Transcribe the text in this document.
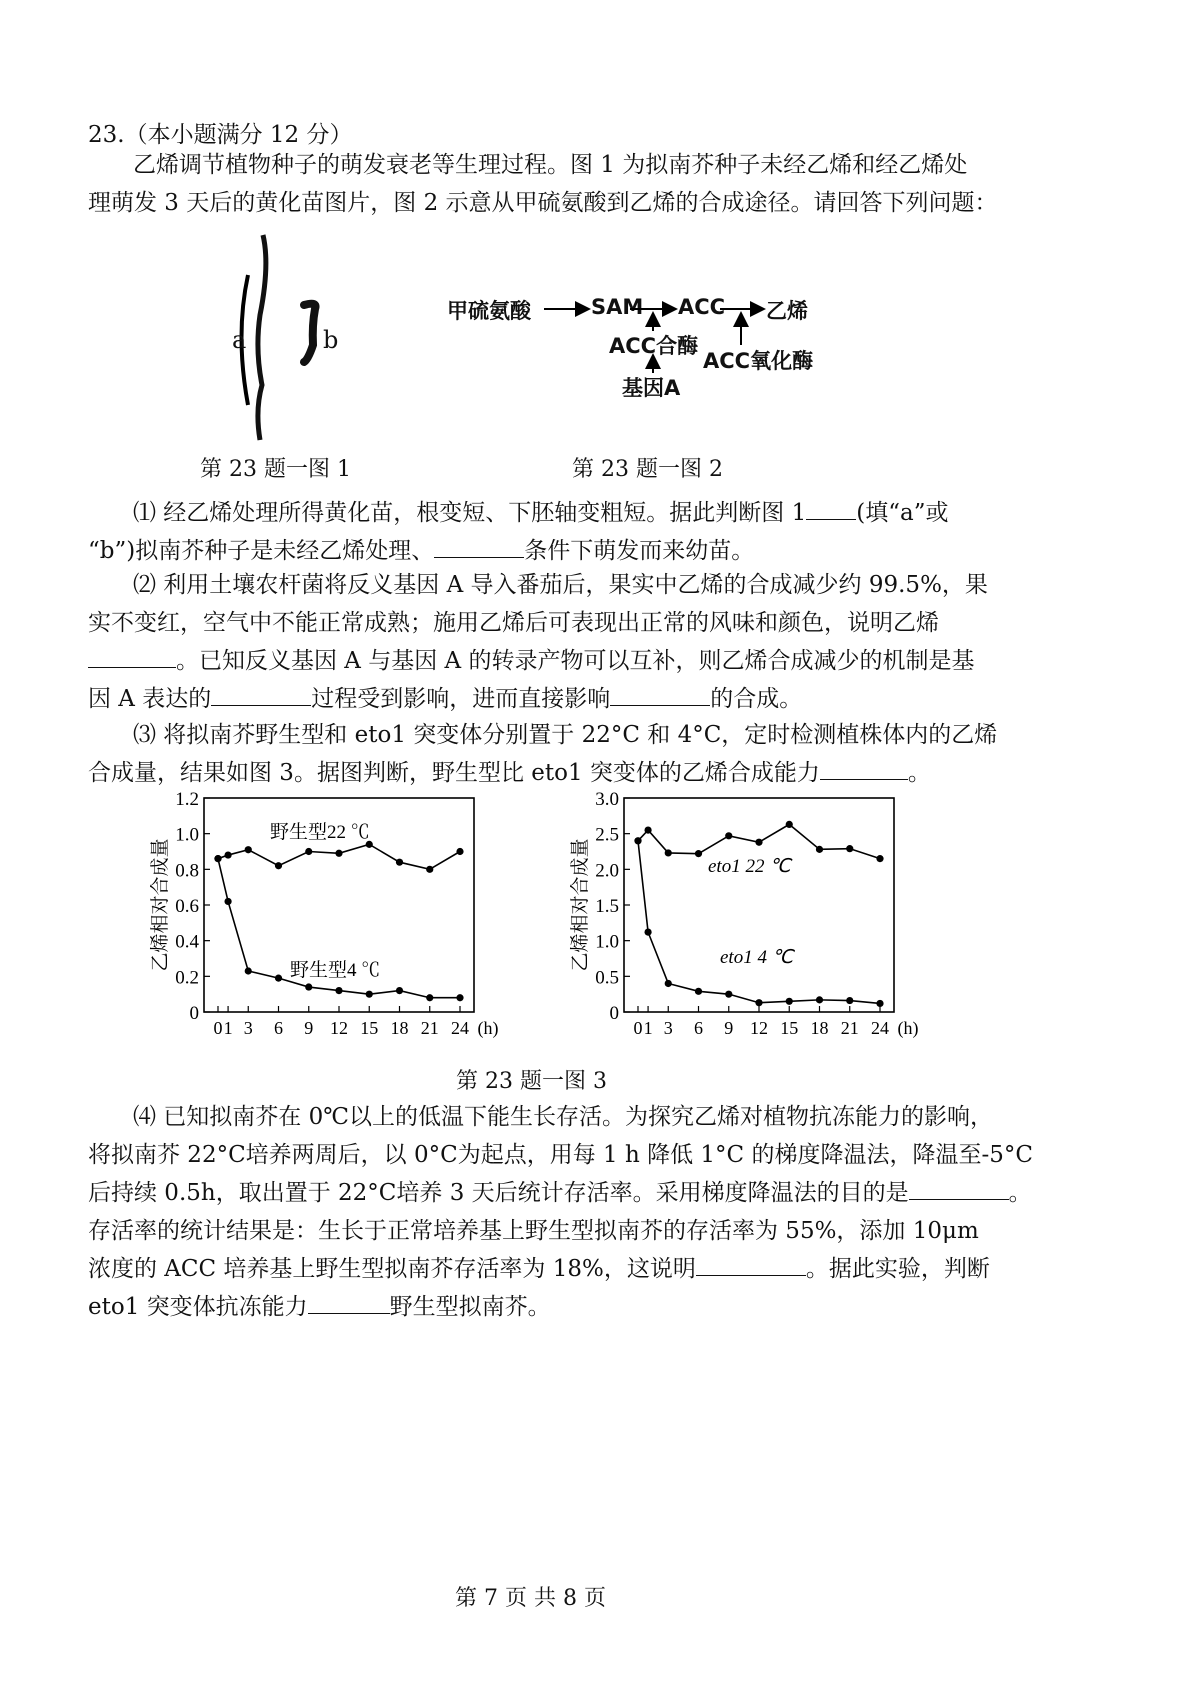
23.（本小题满分 12 分）
乙烯调节植物种子的萌发衰老等生理过程。图 1 为拟南芥种子未经乙烯和经乙烯处
理萌发 3 天后的黄化苗图片，图 2 示意从甲硫氨酸到乙烯的合成途径。请回答下列问题：
a	b
第 23 题一图 1
甲硫氨酸	SAM ACC 乙烯
ACC合酶
ACC氧化酶
基因A
第 23 题一图 2
⑴ 经乙烯处理所得黄化苗，根变短、下胚轴变粗短。据此判断图 1 (填“a”或
“b”)拟南芥种子是未经乙烯处理、	条件下萌发而来幼苗。
⑵ 利用土壤农杆菌将反义基因 A 导入番茄后，果实中乙烯的合成减少约 99.5%，果
实不变红，空气中不能正常成熟；施用乙烯后可表现出正常的风味和颜色，说明乙烯
。已知反义基因 A 与基因 A 的转录产物可以互补，则乙烯合成减少的机制是基
因 A 表达的	过程受到影响，进而直接影响	的合成。
⑶ 将拟南芥野生型和 eto1 突变体分别置于 22°C 和 4°C，定时检测植株体内的乙烯
合成量，结果如图 3。据图判断，野生型比 eto1 突变体的乙烯合成能力	。
0
0.2
0.4
0.6
0.8
1.0
1.2
0 1 3 6 9 12 15 18 21 24 (h)
乙烯相对合成量
野生型22 ℃
野生型4 ℃
0
0.5
1.0
1.5
2.0
2.5
3.0
0 1 3 6 9 12 15 18 21 24 (h)
乙烯相对合成量	eto1 22 ℃
eto1 4 ℃
第 23 题一图 3
⑷ 已知拟南芥在 0℃以上的低温下能生长存活。为探究乙烯对植物抗冻能力的影响，
将拟南芥 22°C培养两周后，以 0°C为起点，用每 1 h 降低 1°C 的梯度降温法，降温至-5°C
后持续 0.5h，取出置于 22°C培养 3 天后统计存活率。采用梯度降温法的目的是	。
存活率的统计结果是：生长于正常培养基上野生型拟南芥的存活率为 55%，添加 10μm
浓度的 ACC 培养基上野生型拟南芥存活率为 18%，这说明	。据此实验，判断
eto1 突变体抗冻能力	野生型拟南芥。
第 7 页 共 8 页
